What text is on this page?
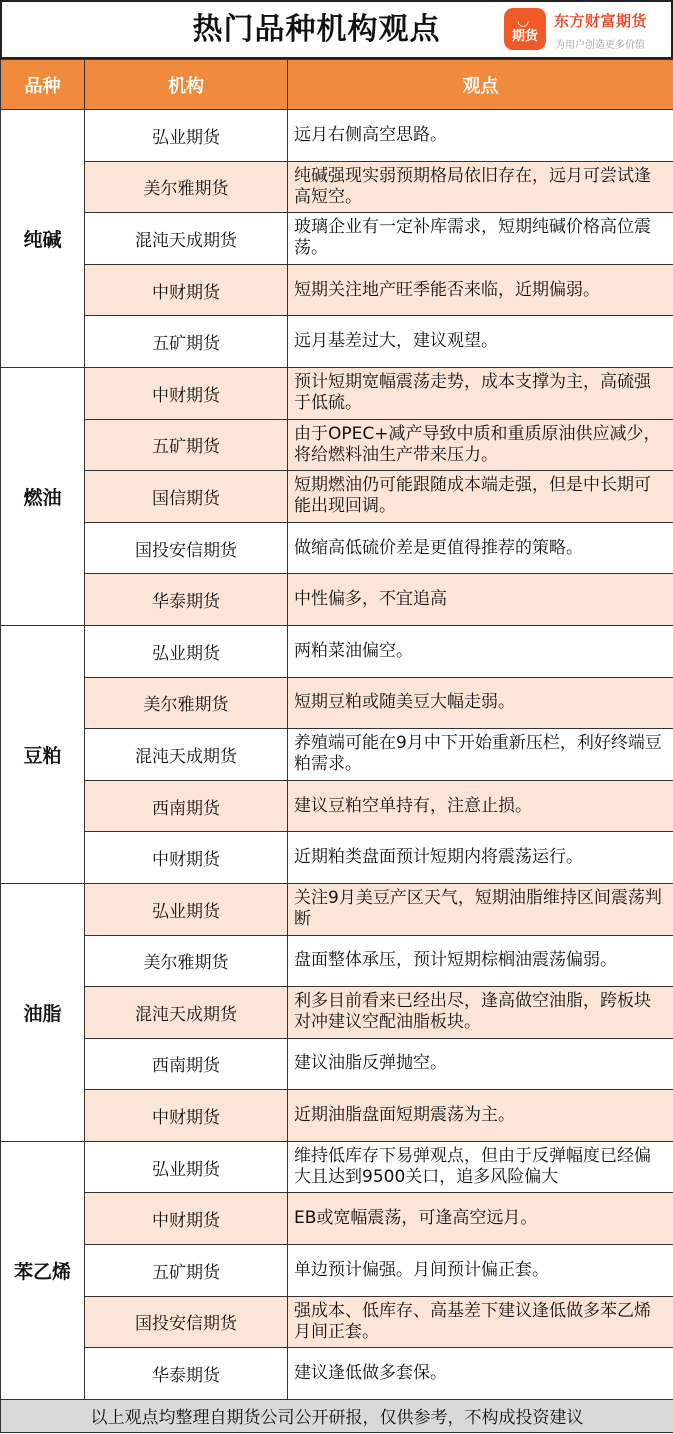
热门品种机构观点	◡
期货
东方财富期货
为用户创造更多价值
品种	机构	观点
纯碱	弘业期货	远月右侧高空思路。
	美尔雅期货	纯碱强现实弱预期格局依旧存在，远月可尝试逢高短空。
	混沌天成期货	玻璃企业有一定补库需求，短期纯碱价格高位震荡。
	中财期货	短期关注地产旺季能否来临，近期偏弱。
	五矿期货	远月基差过大，建议观望。
燃油	中财期货	预计短期宽幅震荡走势，成本支撑为主，高硫强于低硫。
	五矿期货	由于OPEC+减产导致中质和重质原油供应减少，将给燃料油生产带来压力。
	国信期货	短期燃油仍可能跟随成本端走强，但是中长期可能出现回调。
	国投安信期货	做缩高低硫价差是更值得推荐的策略。
	华泰期货	中性偏多，不宜追高
豆粕	弘业期货	两粕菜油偏空。
	美尔雅期货	短期豆粕或随美豆大幅走弱。
	混沌天成期货	养殖端可能在9月中下开始重新压栏，利好终端豆粕需求。
	西南期货	建议豆粕空单持有，注意止损。
	中财期货	近期粕类盘面预计短期内将震荡运行。
油脂	弘业期货	关注9月美豆产区天气，短期油脂维持区间震荡判断
	美尔雅期货	盘面整体承压，预计短期棕榈油震荡偏弱。
	混沌天成期货	利多目前看来已经出尽，逢高做空油脂，跨板块对冲建议空配油脂板块。
	西南期货	建议油脂反弹抛空。
	中财期货	近期油脂盘面短期震荡为主。
苯乙烯	弘业期货	维持低库存下易弹观点，但由于反弹幅度已经偏大且达到9500关口，追多风险偏大
	中财期货	EB或宽幅震荡，可逢高空远月。
	五矿期货	单边预计偏强。月间预计偏正套。
	国投安信期货	强成本、低库存、高基差下建议逢低做多苯乙烯月间正套。
	华泰期货	建议逢低做多套保。
以上观点均整理自期货公司公开研报，仅供参考，不构成投资建议		
